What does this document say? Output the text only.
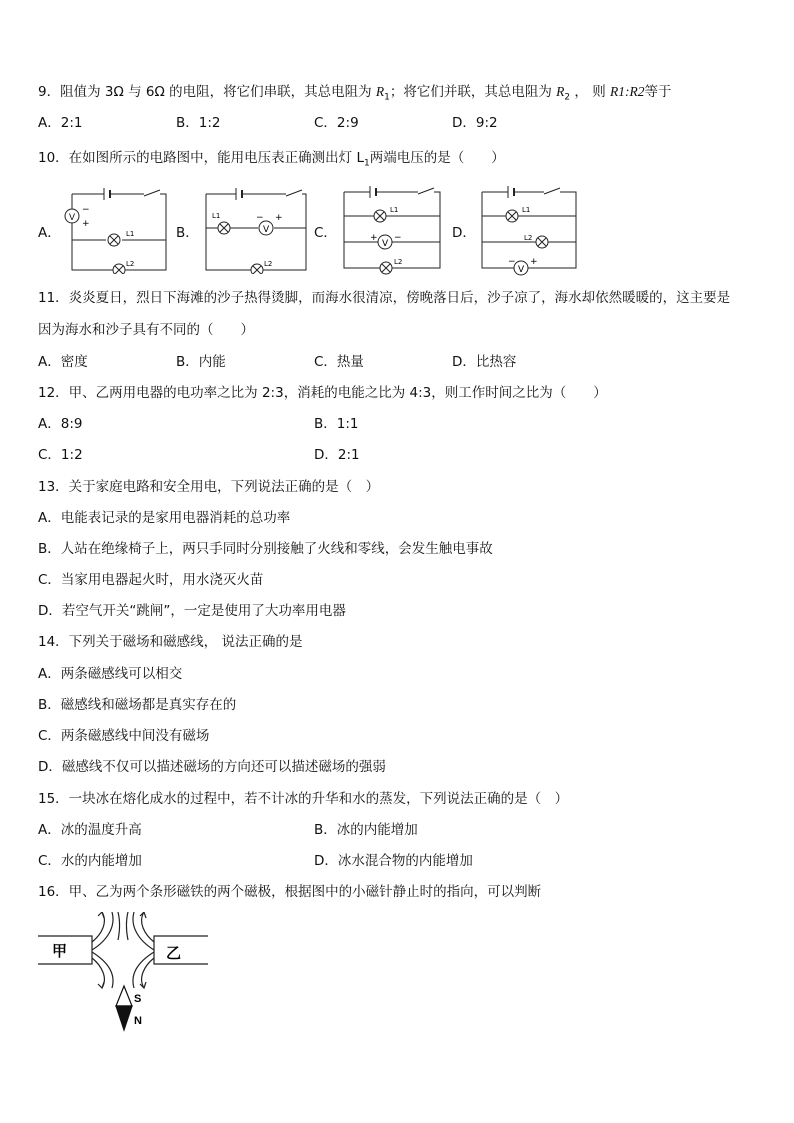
9．阻值为 3Ω 与 6Ω 的电阻，将它们串联，其总电阻为 $R_1$；将它们并联，其总电阻为 $R_2$ ， 则 R1:R2等于
A．2:1	B．1:2	C．2:9	D．9:2
10．在如图所示的电路图中，能用电压表正确测出灯 $L_1$两端电压的是（　　）
A．	B．	C．	D．
V
−
+
L1
L2
V
− +
L1
L2
V
+ −
L1
L2
V
− +
L1
L2
11．炎炎夏日，烈日下海滩的沙子热得烫脚，而海水很清凉，傍晚落日后，沙子凉了，海水却依然暖暖的，这主要是
因为海水和沙子具有不同的（　　）
A．密度	B．内能	C．热量	D．比热容
12．甲、乙两用电器的电功率之比为 2:3，消耗的电能之比为 4:3，则工作时间之比为（　　）
A．8:9	B．1:1
C．1:2	D．2:1
13．关于家庭电路和安全用电，下列说法正确的是（　）
A．电能表记录的是家用电器消耗的总功率
B．人站在绝缘椅子上，两只手同时分别接触了火线和零线，会发生触电事故
C．当家用电器起火时，用水浇灭火苗
D．若空气开关“跳闸”，一定是使用了大功率用电器
14．下列关于磁场和磁感线， 说法正确的是
A．两条磁感线可以相交
B．磁感线和磁场都是真实存在的
C．两条磁感线中间没有磁场
D．磁感线不仅可以描述磁场的方向还可以描述磁场的强弱
15．一块冰在熔化成水的过程中，若不计冰的升华和水的蒸发，下列说法正确的是（　）
A．冰的温度升高	B．冰的内能增加
C．水的内能增加	D．冰水混合物的内能增加
16．甲、乙为两个条形磁铁的两个磁极，根据图中的小磁针静止时的指向，可以判断
甲	乙
S
N
